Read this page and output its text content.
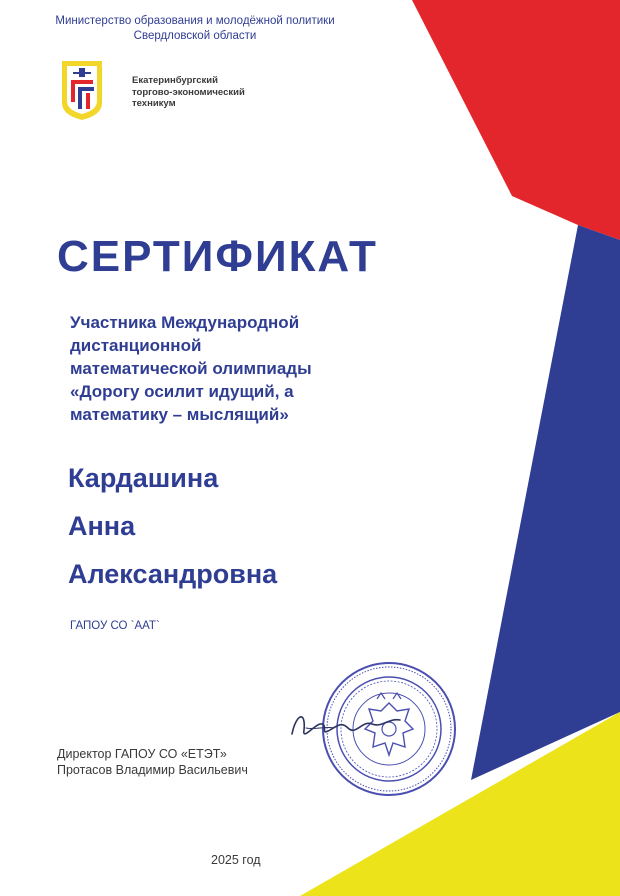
Министерство образования и молодёжной политики
Свердловской области
Екатеринбургский
торгово-экономический
техникум
СЕРТИФИКАТ
Участника Международной
дистанционной
математической олимпиады
«Дорогу осилит идущий, а
математику – мыслящий»
Кардашина
Анна
Александровна
ГАПОУ СО `ААТ`
Директор ГАПОУ СО «ЕТЭТ»
Протасов Владимир Васильевич
2025 год
